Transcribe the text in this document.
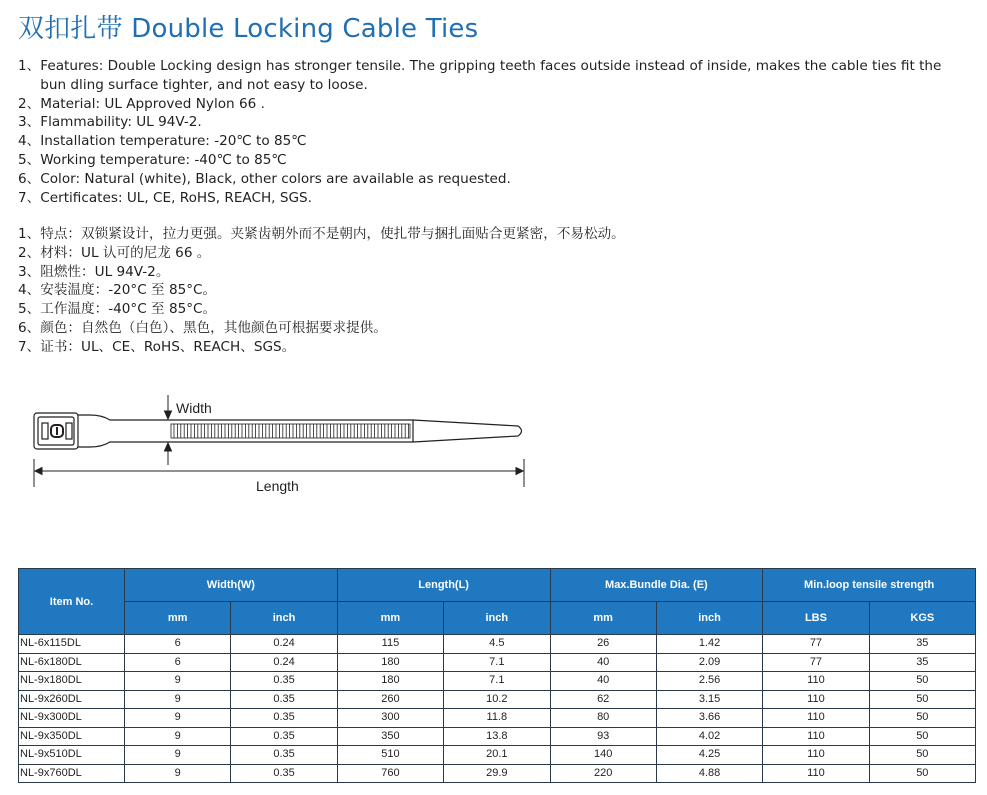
双扣扎带 Double Locking Cable Ties
1、 Features: Double Locking design has stronger tensile. The gripping teeth faces outside instead of inside, makes the cable ties fit the bun dling surface tighter, and not easy to loose.
2、 Material: UL Approved Nylon 66 .
3、 Flammability: UL 94V-2.
4、 Installation temperature: -20℃ to 85℃
5、 Working temperature: -40℃ to 85℃
6、 Color: Natural (white), Black, other colors are available as requested.
7、 Certificates: UL, CE, RoHS, REACH, SGS.
1、 特点：双锁紧设计，拉力更强。夹紧齿朝外而不是朝内，使扎带与捆扎面贴合更紧密，不易松动。
2、 材料：UL 认可的尼龙 66 。
3、 阻燃性：UL 94V-2。
4、 安装温度：-20°C 至 85°C。
5、 工作温度：-40°C 至 85°C。
6、 颜色：自然色（白色）、黑色，其他颜色可根据要求提供。
7、 证书：UL、CE、RoHS、REACH、SGS。
Width
Length
Item No.	Width(W)		Length(L)		Max.Bundle Dia. (E)		Min.loop tensile strength	
	mm	inch	mm	inch	mm	inch	LBS	KGS
NL-6x115DL	6	0.24	115	4.5	26	1.42	77	35
NL-6x180DL	6	0.24	180	7.1	40	2.09	77	35
NL-9x180DL	9	0.35	180	7.1	40	2.56	110	50
NL-9x260DL	9	0.35	260	10.2	62	3.15	110	50
NL-9x300DL	9	0.35	300	11.8	80	3.66	110	50
NL-9x350DL	9	0.35	350	13.8	93	4.02	110	50
NL-9x510DL	9	0.35	510	20.1	140	4.25	110	50
NL-9x760DL	9	0.35	760	29.9	220	4.88	110	50
